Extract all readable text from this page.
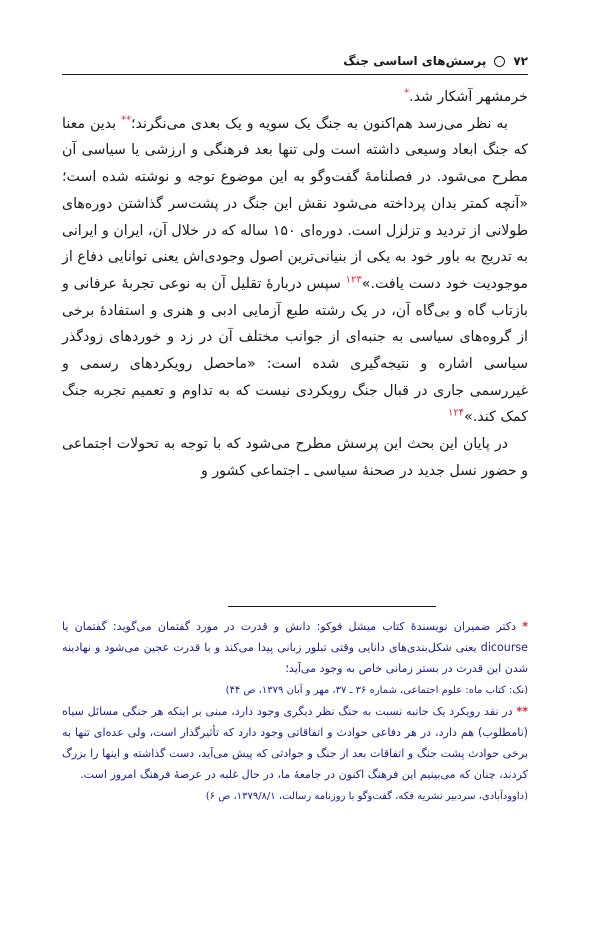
۷۲
پرسش‌های اساسی جنگ

خرمشهر آشکار شد.*

به نظر می‌رسد هم‌اکنون به جنگ یک سویه و یک بعدی می‌نگرند؛** بدین معنا که جنگ ابعاد وسیعی داشته است ولی تنها بعد فرهنگی و ارزشی یا سیاسی آن مطرح می‌شود. در فصلنامهٔ گفت‌وگو به این موضوع توجه و نوشته شده است؛ «آنچه کمتر بدان پرداخته می‌شود نقش این جنگ در پشت‌سر گذاشتن دوره‌های طولانی از تردید و تزلزل است. دوره‌ای ۱۵۰ ساله که در خلال آن، ایران و ایرانی به تدریج به باور خود به یکی از بنیانی‌ترین اصول وجودی‌اش یعنی توانایی دفاع از موجودیت خود دست یافت.»$^{۱۲۳}$ سپس دربارهٔ تقلیل آن به نوعی تجربهٔ عرفانی و بازتاب گاه و بی‌گاه آن، در یک رشته طبع آزمایی ادبی و هنری و استفادهٔ برخی از گروه‌های سیاسی به جنبه‌ای از جوانب مختلف آن در زد و خوردهای زودگذر سیاسی اشاره و نتیجه‌گیری شده است: «ماحصل رویکردهای رسمی و غیررسمی جاری در قبال جنگ رویکردی نیست که به تداوم و تعمیم تجربه جنگ کمک کند.»$^{۱۲۴}$

در پایان این بحث این پرسش مطرح می‌شود که با توجه به تحولات اجتماعی و حضور نسل جدید در صحنهٔ سیاسی ـ اجتماعی کشور و

* دکتر ضمیران نویسندهٔ کتاب میشل فوکو: دانش و قدرت در مورد گفتمان می‌گوید: گفتمان یا dicourse یعنی شکل‌بندی‌های دانایی وقتی تبلور زبانی پیدا می‌کند و با قدرت عجین می‌شود و نهادینه شدن این قدرت در بستر زمانی خاص به وجود می‌آید؛

(نک: کتاب ماه: علوم اجتماعی، شماره ۳۶ ـ ۳۷، مهر و آبان ۱۳۷۹، ص ۴۴)

** در نقد رویکرد یک جانبه نسبت به جنگ نظر دیگری وجود دارد، مبنی بر اینکه هر جنگی مسائل سیاه (نامطلوب) هم دارد، در هر دفاعی حوادث و اتفاقاتی وجود دارد که تأثیرگذار است، ولی عده‌ای تنها به برخی حوادث پشت جنگ و اتفاقات بعد از جنگ و حوادثی که پیش می‌آید، دست گذاشته و اینها را بزرگ کردند، چنان که می‌بینیم این فرهنگ اکنون در جامعهٔ ما، در حال غلبه در عرصهٔ فرهنگ امروز است.

(داوودآبادی، سردبیر نشریه فکه، گفت‌وگو با روزنامه رسالت، ۱۳۷۹/۸/۱، ص ۶)
